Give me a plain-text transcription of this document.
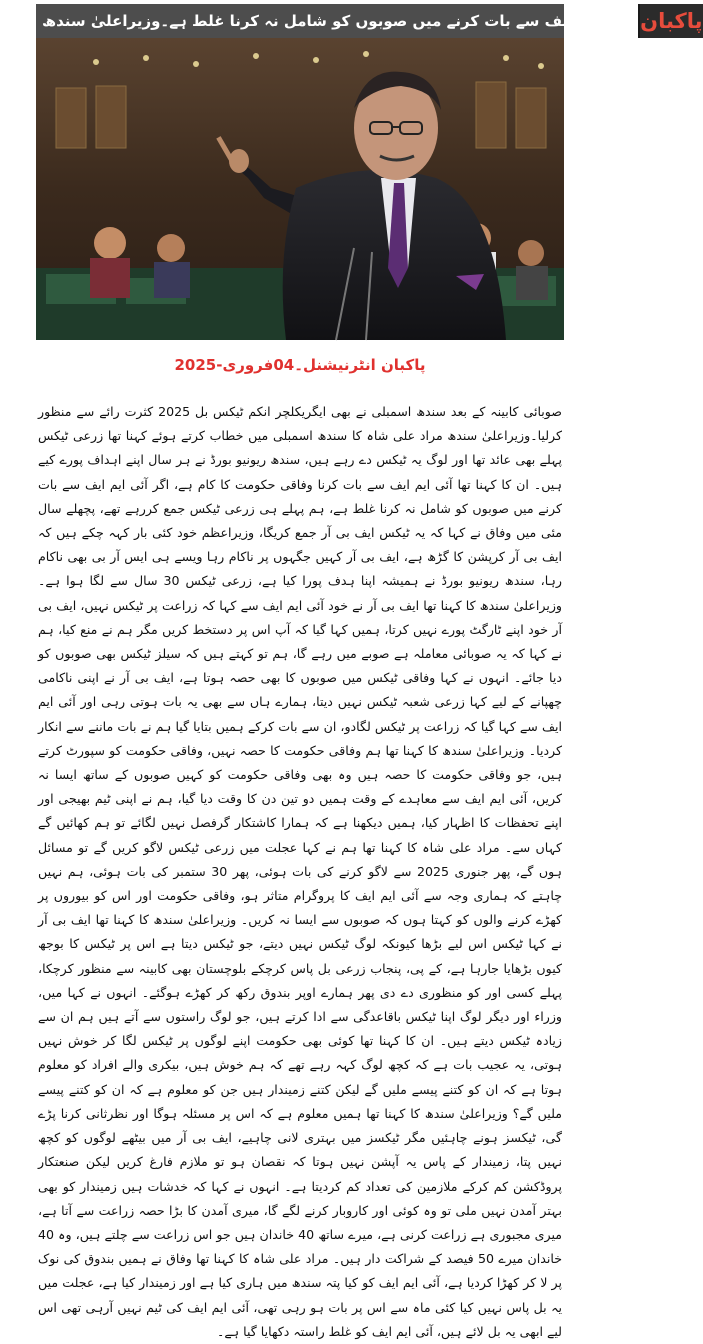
آئی ایم ایف سے بات کرنے میں صوبوں کو شامل نہ کرنا غلط ہے۔وزیراعلیٰ سندھ پاکبان
پاکبان انٹرنیشنل۔04فروری-2025
صوبائی کابینہ کے بعد سندھ اسمبلی نے بھی ایگریکلچر انکم ٹیکس بل 2025 کثرت رائے سے منظور کرلیا۔وزیراعلیٰ سندھ مراد علی شاہ کا سندھ اسمبلی میں خطاب کرتے ہوئے کہنا تھا زرعی ٹیکس پہلے بھی عائد تھا اور لوگ یہ ٹیکس دے رہے ہیں، سندھ ریونیو بورڈ نے ہر سال اپنے اہداف پورے کیے ہیں۔ ان کا کہنا تھا آئی ایم ایف سے بات کرنا وفاقی حکومت کا کام ہے، اگر آئی ایم ایف سے بات کرنے میں صوبوں کو شامل نہ کرنا غلط ہے، ہم پہلے ہی زرعی ٹیکس جمع کررہے تھے، پچھلے سال مئی میں وفاق نے کہا کہ یہ ٹیکس ایف بی آر جمع کریگا، وزیراعظم خود کئی بار کہہ چکے ہیں کہ ایف بی آر کرپشن کا گڑھ ہے، ایف بی آر کہیں جگہوں پر ناکام رہا ویسے ہی ایس آر بی بھی ناکام رہا، سندھ ریونیو بورڈ نے ہمیشہ اپنا ہدف پورا کیا ہے، زرعی ٹیکس 30 سال سے لگا ہوا ہے۔ وزیراعلیٰ سندھ کا کہنا تھا ایف بی آر نے خود آئی ایم ایف سے کہا کہ زراعت پر ٹیکس نہیں، ایف بی آر خود اپنے ٹارگٹ پورے نہیں کرتا، ہمیں کہا گیا کہ آپ اس پر دستخط کریں مگر ہم نے منع کیا، ہم نے کہا کہ یہ صوبائی معاملہ ہے صوبے میں رہے گا، ہم تو کہتے ہیں کہ سیلز ٹیکس بھی صوبوں کو دیا جائے۔ انہوں نے کہا وفاقی ٹیکس میں صوبوں کا بھی حصہ ہوتا ہے، ایف بی آر نے اپنی ناکامی چھپانے کے لیے کہا زرعی شعبہ ٹیکس نہیں دیتا، ہمارے ہاں سے بھی یہ بات ہوتی رہی اور آئی ایم ایف سے کہا گیا کہ زراعت پر ٹیکس لگادو، ان سے بات کرکے ہمیں بتایا گیا ہم نے بات ماننے سے انکار کردیا۔ وزیراعلیٰ سندھ کا کہنا تھا ہم وفاقی حکومت کا حصہ نہیں، وفاقی حکومت کو سپورٹ کرتے ہیں، جو وفاقی حکومت کا حصہ ہیں وہ بھی وفاقی حکومت کو کہیں صوبوں کے ساتھ ایسا نہ کریں، آئی ایم ایف سے معاہدے کے وقت ہمیں دو تین دن کا وقت دیا گیا، ہم نے اپنی ٹیم بھیجی اور اپنے تحفظات کا اظہار کیا، ہمیں دیکھنا ہے کہ ہمارا کاشتکار گرفصل نہیں لگائے تو ہم کھائیں گے کہاں سے۔ مراد علی شاہ کا کہنا تھا ہم نے کہا عجلت میں زرعی ٹیکس لاگو کریں گے تو مسائل ہوں گے، پھر جنوری 2025 سے لاگو کرنے کی بات ہوئی، پھر 30 ستمبر کی بات ہوئی، ہم نہیں چاہتے کہ ہماری وجہ سے آئی ایم ایف کا پروگرام متاثر ہو، وفاقی حکومت اور اس کو بیوروں پر کھڑے کرنے والوں کو کہتا ہوں کہ صوبوں سے ایسا نہ کریں۔ وزیراعلیٰ سندھ کا کہنا تھا ایف بی آر نے کہا ٹیکس اس لیے بڑھا کیونکہ لوگ ٹیکس نہیں دیتے، جو ٹیکس دیتا ہے اس پر ٹیکس کا بوجھ کیوں بڑھایا جارہا ہے، کے پی، پنجاب زرعی بل پاس کرچکے بلوچستان بھی کابینہ سے منظور کرچکا، پہلے کسی اور کو منظوری دے دی پھر ہمارے اوپر بندوق رکھ کر کھڑے ہوگئے۔ انہوں نے کہا میں، وزراء اور دیگر لوگ اپنا ٹیکس باقاعدگی سے ادا کرتے ہیں، جو لوگ راستوں سے آتے ہیں ہم ان سے زیادہ ٹیکس دیتے ہیں۔ ان کا کہنا تھا کوئی بھی حکومت اپنے لوگوں پر ٹیکس لگا کر خوش نہیں ہوتی، یہ عجیب بات ہے کہ کچھ لوگ کہہ رہے تھے کہ ہم خوش ہیں، بیکری والے افراد کو معلوم ہوتا ہے کہ ان کو کتنے پیسے ملیں گے لیکن کتنے زمیندار ہیں جن کو معلوم ہے کہ ان کو کتنے پیسے ملیں گے؟ وزیراعلیٰ سندھ کا کہنا تھا ہمیں معلوم ہے کہ اس پر مسئلہ ہوگا اور نظرثانی کرنا پڑے گی، ٹیکسز ہونے چاہئیں مگر ٹیکسز میں بہتری لانی چاہیے، ایف بی آر میں بیٹھے لوگوں کو کچھ نہیں پتا، زمیندار کے پاس یہ آپشن نہیں ہوتا کہ نقصان ہو تو ملازم فارغ کریں لیکن صنعتکار پروڈکشن کم کرکے ملازمین کی تعداد کم کردیتا ہے۔ انہوں نے کہا کہ خدشات ہیں زمیندار کو بھی بہتر آمدن نہیں ملی تو وہ کوئی اور کاروبار کرنے لگے گا، میری آمدن کا بڑا حصہ زراعت سے آتا ہے، میری مجبوری ہے زراعت کرنی ہے، میرے ساتھ 40 خاندان ہیں جو اس زراعت سے چلتے ہیں، وہ 40 خاندان میرے 50 فیصد کے شراکت دار ہیں۔ مراد علی شاہ کا کہنا تھا وفاق نے ہمیں بندوق کی نوک پر لا کر کھڑا کردیا ہے، آئی ایم ایف کو کیا پتہ سندھ میں ہاری کیا ہے اور زمیندار کیا ہے، عجلت میں یہ بل پاس نہیں کیا کئی ماہ سے اس پر بات ہو رہی تھی، آئی ایم ایف کی ٹیم نہیں آرہی تھی اس لیے ابھی یہ بل لائے ہیں، آئی ایم ایف کو غلط راستہ دکھایا گیا ہے۔
